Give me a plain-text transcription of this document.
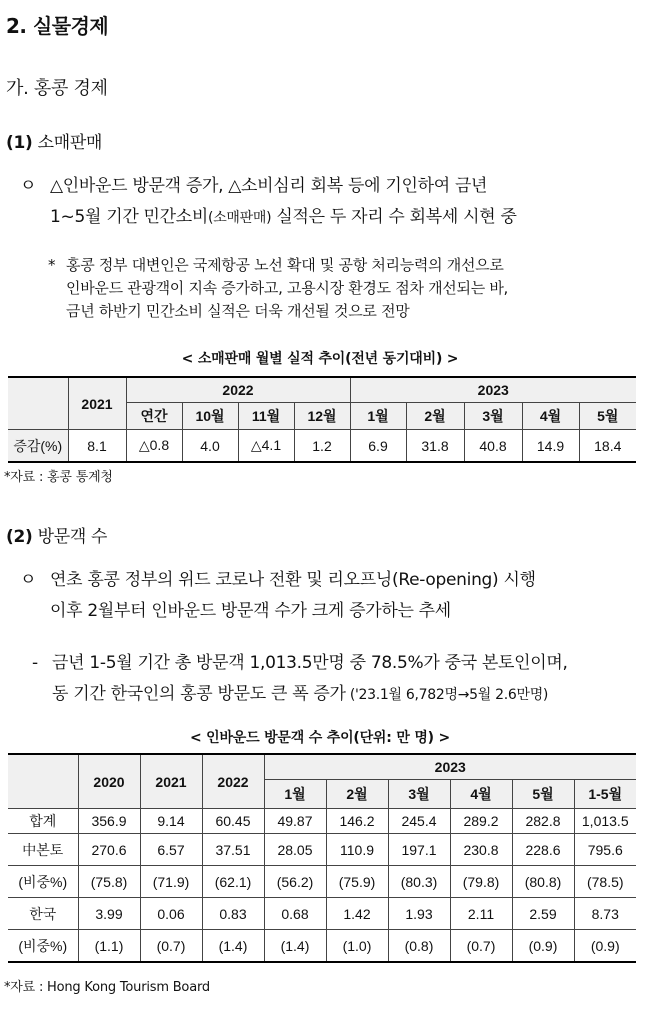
2. 실물경제
가. 홍콩 경제
(1) 소매판매
ㅇ △인바운드 방문객 증가, △소비심리 회복 등에 기인하여 금년
1~5월 기간 민간소비(소매판매) 실적은 두 자리 수 회복세 시현 중
* 홍콩 정부 대변인은 국제항공 노선 확대 및 공항 처리능력의 개선으로
인바운드 관광객이 지속 증가하고, 고용시장 환경도 점차 개선되는 바,
금년 하반기 민간소비 실적은 더욱 개선될 것으로 전망
< 소매판매 월별 실적 추이(전년 동기대비) >
	2021	2022				2023				
		연간	10월	11월	12월	1월	2월	3월	4월	5월
증감(%)	8.1	△0.8	4.0	△4.1	1.2	6.9	31.8	40.8	14.9	18.4
*자료 : 홍콩 통계청
(2) 방문객 수
ㅇ 연초 홍콩 정부의 위드 코로나 전환 및 리오프닝(Re-opening) 시행
이후 2월부터 인바운드 방문객 수가 크게 증가하는 추세
- 금년 1-5월 기간 총 방문객 1,013.5만명 중 78.5%가 중국 본토인이며,
동 기간 한국인의 홍콩 방문도 큰 폭 증가 ('23.1월 6,782명→5월 2.6만명)
< 인바운드 방문객 수 추이(단위: 만 명) >
	2020	2021	2022	2023					
				1월	2월	3월	4월	5월	1-5월
합계	356.9	9.14	60.45	49.87	146.2	245.4	289.2	282.8	1,013.5
中본토	270.6	6.57	37.51	28.05	110.9	197.1	230.8	228.6	795.6
(비중%)	(75.8)	(71.9)	(62.1)	(56.2)	(75.9)	(80.3)	(79.8)	(80.8)	(78.5)
한국	3.99	0.06	0.83	0.68	1.42	1.93	2.11	2.59	8.73
(비중%)	(1.1)	(0.7)	(1.4)	(1.4)	(1.0)	(0.8)	(0.7)	(0.9)	(0.9)
*자료 : Hong Kong Tourism Board
